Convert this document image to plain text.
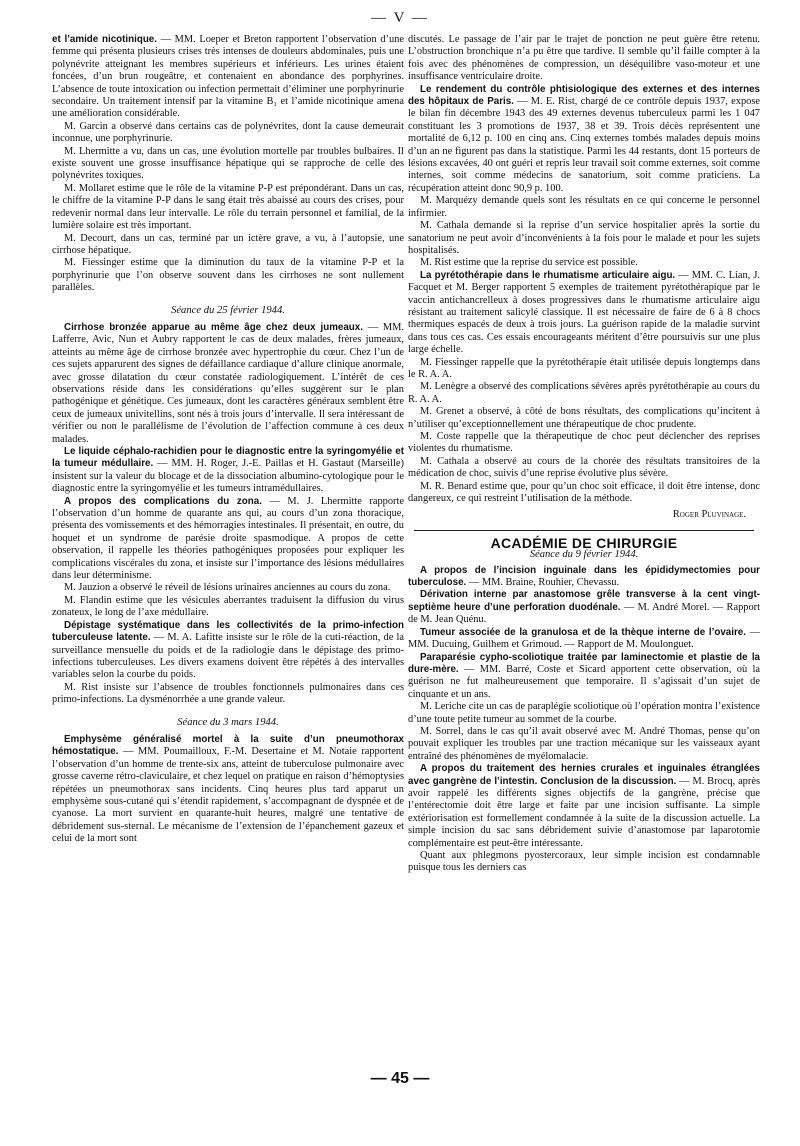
— V —

et l’amide nicotinique. — MM. Loeper et Breton rapportent l’observation d’une femme qui présenta plusieurs crises très intenses de douleurs abdominales, puis une polynévrite atteignant les membres supérieurs et inférieurs. Les urines étaient foncées, d’un brun rougeâtre, et contenaient en abondance des porphyrines. L’absence de toute intoxication ou infection permettait d’éliminer une porphyrinurie secondaire. Un traitement intensif par la vitamine B₁ et l’amide nicotinique amena une amélioration considérable.

M. Garcin a observé dans certains cas de polynévrites, dont la cause demeurait inconnue, une porphyrinurie.

M. Lhermitte a vu, dans un cas, une évolution mortelle par troubles bulbaires. Il existe souvent une grosse insuffisance hépatique qui se rapproche de celle des polynévrites toxiques.

M. Mollaret estime que le rôle de la vitamine P-P est prépondérant. Dans un cas, le chiffre de la vitamine P-P dans le sang était très abaissé au cours des crises, pour redevenir normal dans leur intervalle. Le rôle du terrain personnel et familial, de la lumière solaire est très important.

M. Decourt, dans un cas, terminé par un ictère grave, a vu, à l’autopsie, une cirrhose hépatique.

M. Fiessinger estime que la diminution du taux de la vitamine P-P et la porphyrinurie que l’on observe souvent dans les cirrhoses ne sont nullement parallèles.

Séance du 25 février 1944.

Cirrhose bronzée apparue au même âge chez deux jumeaux. — MM. Lafferre, Avic, Nun et Aubry rapportent le cas de deux malades, frères jumeaux, atteints au même âge de cirrhose bronzée avec hypertrophie du cœur. Chez l’un de ces sujets apparurent des signes de défaillance cardiaque d’allure clinique anormale, avec grosse dilatation du cœur constatée radiologiquement. L’intérêt de ces observations réside dans les considérations qu’elles suggèrent sur le plan pathogénique et génétique. Ces jumeaux, dont les caractères généraux semblent être ceux de jumeaux univitellins, sont nés à trois jours d’intervalle. Il sera intéressant de vérifier ou non le parallélisme de l’évolution de l’affection commune à ces deux malades.

Le liquide céphalo-rachidien pour le diagnostic entre la syringomyélie et la tumeur médullaire. — MM. H. Roger, J.-E. Paillas et H. Gastaut (Marseille) insistent sur la valeur du blocage et de la dissociation albumino-cytologique pour le diagnostic entre la syringomyélie et les tumeurs intramédullaires.

A propos des complications du zona. — M. J. Lhermitte rapporte l’observation d’un homme de quarante ans qui, au cours d’un zona thoracique, présenta des vomissements et des hémorragies intestinales. Il présentait, en outre, du hoquet et un syndrome de parésie droite spasmodique. A propos de cette observation, il rappelle les théories pathogéniques proposées pour expliquer les complications viscérales du zona, et insiste sur l’importance des lésions médullaires dans leur déterminisme.

M. Jauzion a observé le réveil de lésions urinaires anciennes au cours du zona.

M. Flandin estime que les vésicules aberrantes traduisent la diffusion du virus zonateux, le long de l’axe médullaire.

Dépistage systématique dans les collectivités de la primo-infection tuberculeuse latente. — M. A. Lafitte insiste sur le rôle de la cuti-réaction, de la surveillance mensuelle du poids et de la radiologie dans le dépistage des primo-infections tuberculeuses. Les divers examens doivent être répétés à des intervalles variables selon la courbe du poids.

M. Rist insiste sur l’absence de troubles fonctionnels pulmonaires dans ces primo-infections. La dysménorrhée a une grande valeur.

Séance du 3 mars 1944.

Emphysème généralisé mortel à la suite d’un pneumothorax hémostatique. — MM. Poumailloux, F.-M. Desertaine et M. Notaie rapportent l’observation d’un homme de trente-six ans, atteint de tuberculose pulmonaire avec grosse caverne rétro-claviculaire, et chez lequel on pratique en raison d’hémoptysies répétées un pneumothorax sans incidents. Cinq heures plus tard apparut un emphysème sous-cutané qui s’étendit rapidement, s’accompagnant de dyspnée et de cyanose. La mort survient en quarante-huit heures, malgré une tentative de débridement sus-sternal. Le mécanisme de l’extension de l’épanchement gazeux et celui de la mort sont

discutés. Le passage de l’air par le trajet de ponction ne peut guère être retenu. L’obstruction bronchique n’a pu être que tardive. Il semble qu’il faille compter à la fois avec des phénomènes de compression, un déséquilibre vaso-moteur et une insuffisance ventriculaire droite.

Le rendement du contrôle phtisiologique des externes et des internes des hôpitaux de Paris. — M. E. Rist, chargé de ce contrôle depuis 1937, expose le bilan fin décembre 1943 des 49 externes devenus tuberculeux parmi les 1 047 constituant les 3 promotions de 1937, 38 et 39. Trois décès représentent une mortalité de 6,12 p. 100 en cinq ans. Cinq externes tombés malades depuis moins d’un an ne figurent pas dans la statistique. Parmi les 44 restants, dont 15 porteurs de lésions excavées, 40 ont guéri et repris leur travail soit comme externes, soit comme internes, soit comme médecins de sanatorium, soit comme praticiens. La récupération atteint donc 90,9 p. 100.

M. Marquézy demande quels sont les résultats en ce qui concerne le personnel infirmier.

M. Cathala demande si la reprise d’un service hospitalier après la sortie du sanatorium ne peut avoir d’inconvénients à la fois pour le malade et pour les sujets hospitalisés.

M. Rist estime que la reprise du service est possible.

La pyrétothérapie dans le rhumatisme articulaire aigu. — MM. C. Lian, J. Facquet et M. Berger rapportent 5 exemples de traitement pyrétothérapique par le vaccin antichancrelleux à doses progressives dans le rhumatisme articulaire aigu résistant au traitement salicylé classique. Il est nécessaire de faire de 6 à 8 chocs thermiques espacés de deux à trois jours. La guérison rapide de la maladie survint dans tous ces cas. Ces essais encourageants méritent d’être poursuivis sur une plus large échelle.

M. Fiessinger rappelle que la pyrétothérapie était utilisée depuis longtemps dans le R. A. A.

M. Lenègre a observé des complications sévères après pyrétothérapie au cours du R. A. A.

M. Grenet a observé, à côté de bons résultats, des complications qu’incitent à n’utiliser qu’exceptionnellement une thérapeutique de choc prudente.

M. Coste rappelle que la thérapeutique de choc peut déclencher des reprises violentes du rhumatisme.

M. Cathala a observé au cours de la chorée des résultats transitoires de la médication de choc, suivis d’une reprise évolutive plus sévère.

M. R. Benard estime que, pour qu’un choc soit efficace, il doit être intense, donc dangereux, ce qui restreint l’utilisation de la méthode.

Roger Pluvinage.
ACADÉMIE DE CHIRURGIE
Séance du 9 février 1944.

A propos de l’incision inguinale dans les épididymectomies pour tuberculose. — MM. Braine, Rouhier, Chevassu.

Dérivation interne par anastomose grêle transverse à la cent vingt-septième heure d’une perforation duodénale. — M. André Morel. — Rapport de M. Jean Quénu.

Tumeur associée de la granulosa et de la thèque interne de l’ovaire. — MM. Ducuing, Guilhem et Grimoud. — Rapport de M. Moulonguet.

Paraparésie cypho-scoliotique traitée par laminectomie et plastie de la dure-mère. — MM. Barré, Coste et Sicard apportent cette observation, où la guérison ne fut malheureusement que temporaire. Il s’agissait d’un sujet de cinquante et un ans.

M. Leriche cite un cas de paraplégie scoliotique où l’opération montra l’existence d’une toute petite tumeur au sommet de la courbe.

M. Sorrel, dans le cas qu’il avait observé avec M. André Thomas, pense qu’on pouvait expliquer les troubles par une traction mécanique sur les vaisseaux ayant entraîné des phénomènes de myélomalacie.

A propos du traitement des hernies crurales et inguinales étranglées avec gangrène de l’intestin. Conclusion de la discussion. — M. Brocq, après avoir rappelé les différents signes objectifs de la gangrène, précise que l’entérectomie doit être large et faite par une incision suffisante. La simple extériorisation est formellement condamnée à la suite de la discussion actuelle. La simple incision du sac sans débridement suivie d’anastomose par laparotomie complémentaire est peut-être intéressante.

Quant aux phlegmons pyostercoraux, leur simple incision est condamnable puisque tous les derniers cas

— 45 —
